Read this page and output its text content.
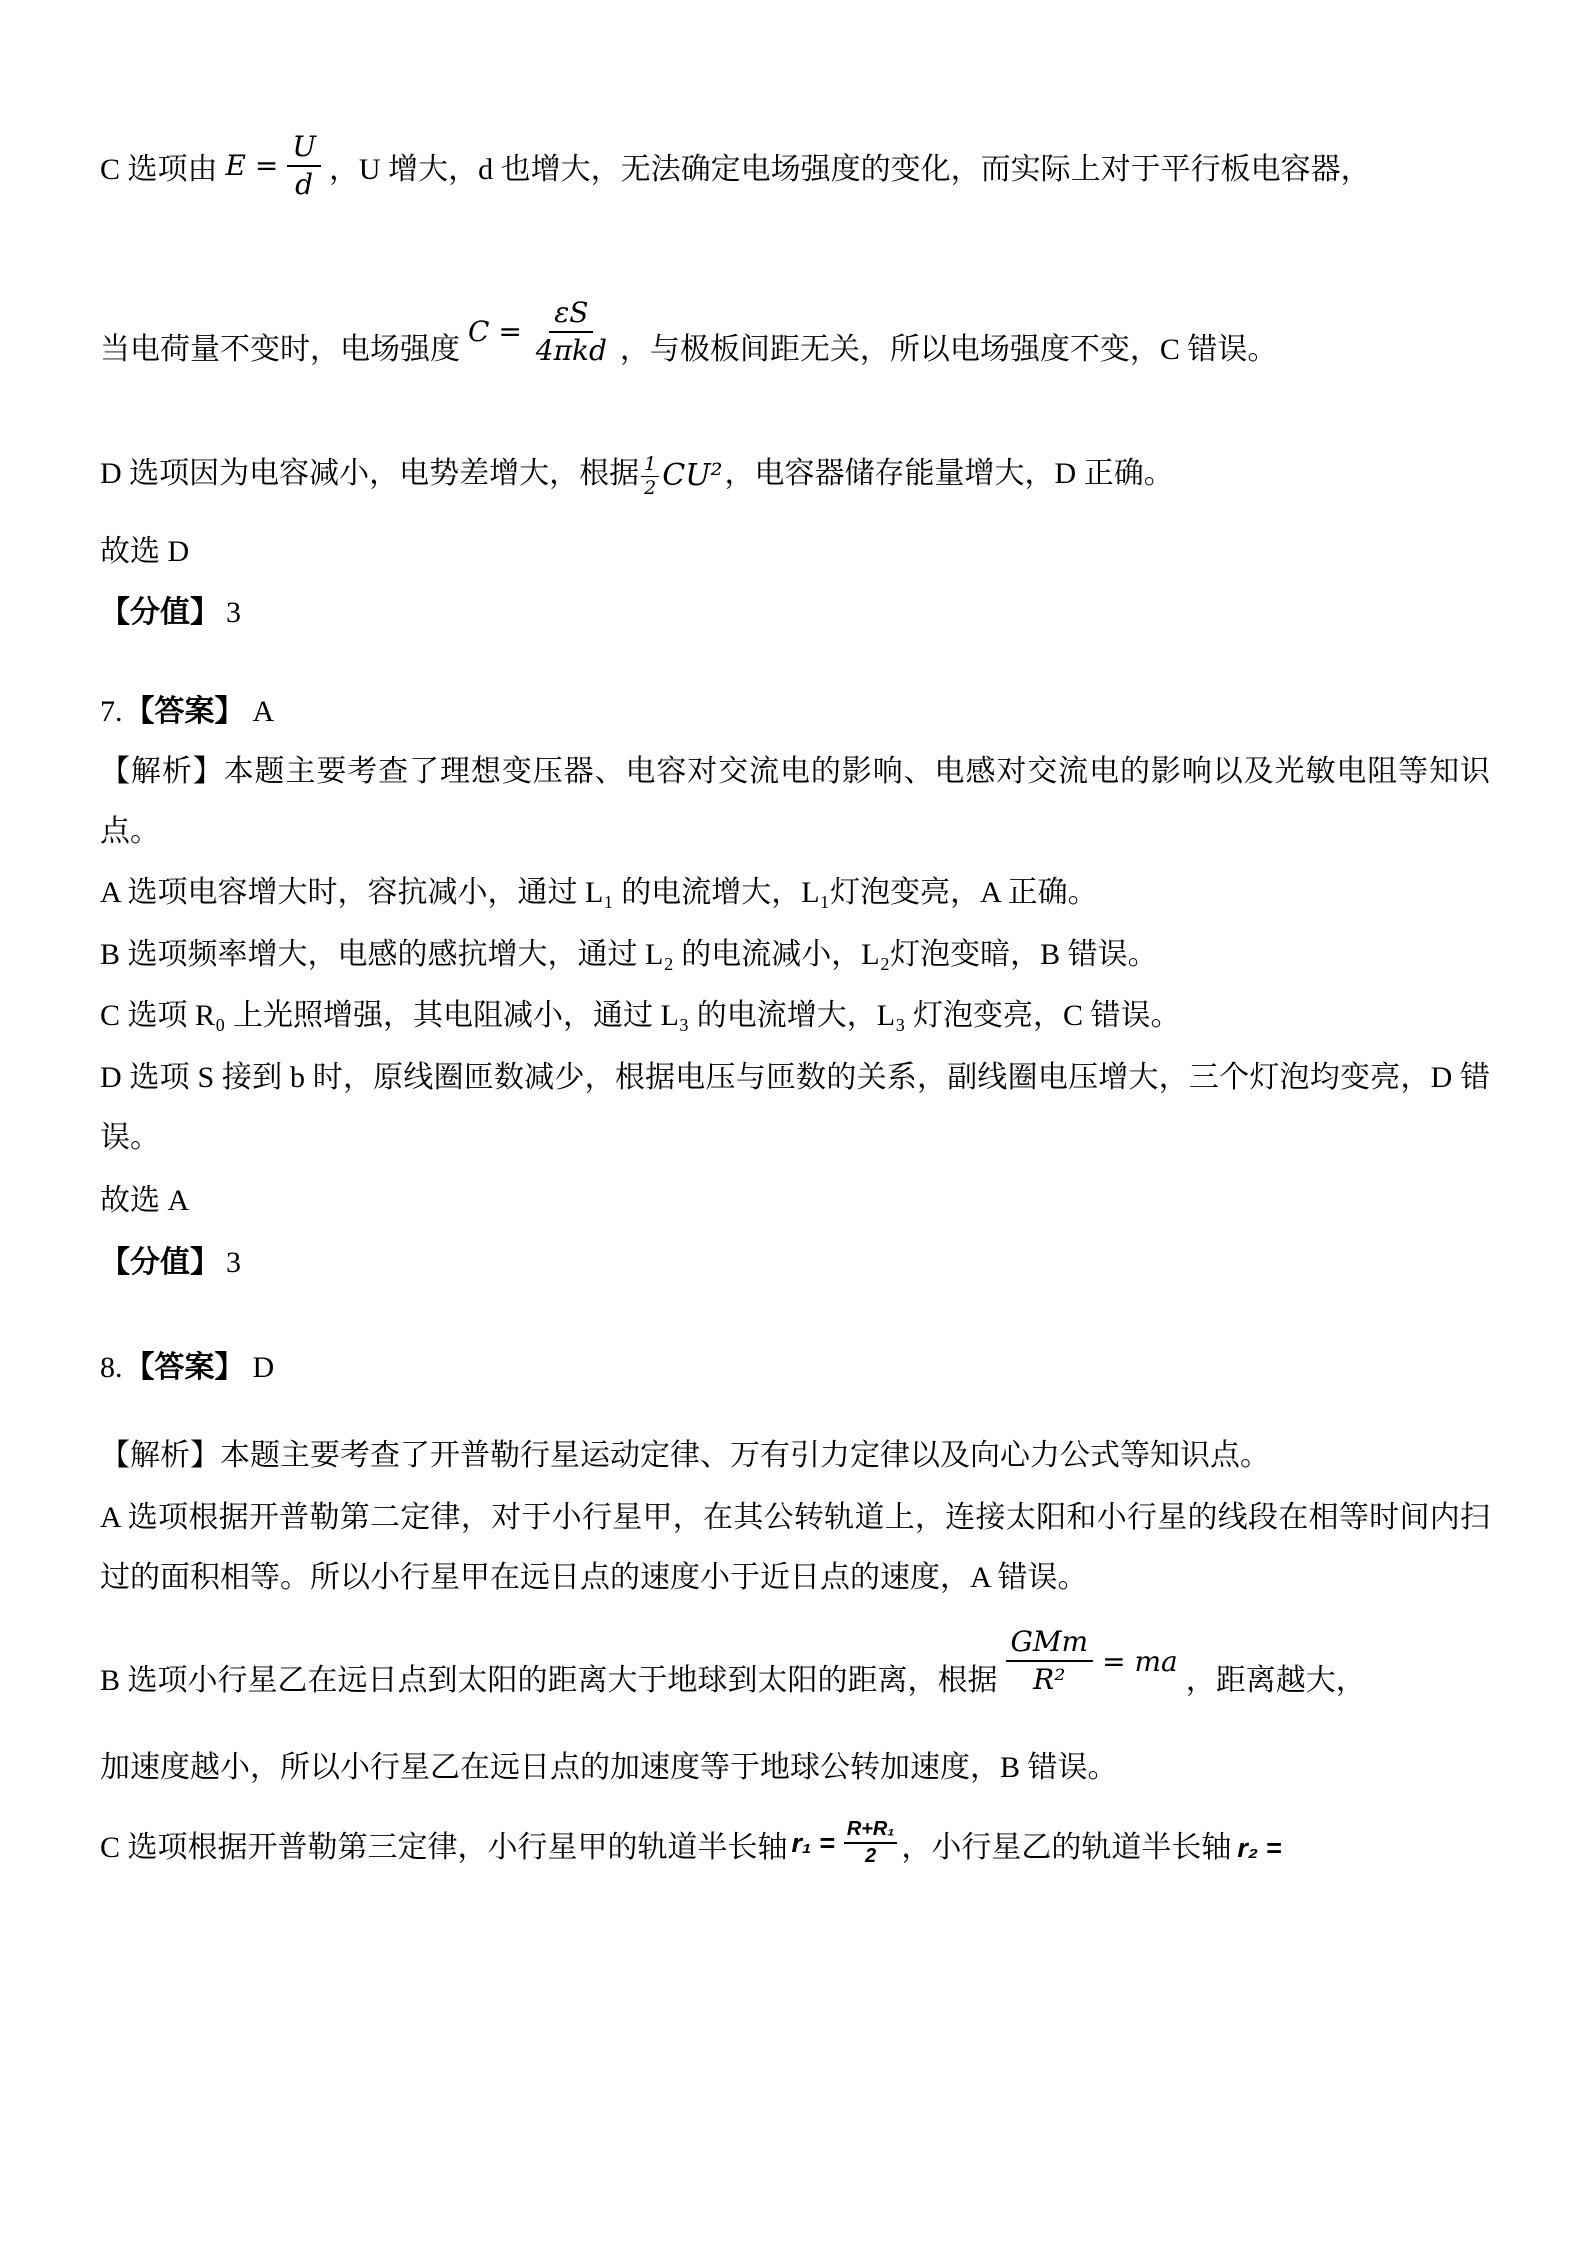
C 选项由 $E = \frac{U}{d}$ ，U 增大，d 也增大，无法确定电场强度的变化，而实际上对于平行板电容器，

当电荷量不变时，电场强度
$C = \frac{\varepsilon S}{\text{4πkd}}$ ，与极板间距无关，所以电场强度不变，C 错误。

D 选项因为电容减小，电势差增大，根据 $\frac{1}{2} CU^2$ ，电容器储存能量增大，D 正确。

故选 D

【分值】 3

7.【答案】 A

【解析】本题主要考查了理想变压器、电容对交流电的影响、电感对交流电的影响以及光敏电阻等知识点。

A 选项电容增大时，容抗减小，通过 L₁ 的电流增大，L₁灯泡变亮，A 正确。

B 选项频率增大，电感的感抗增大，通过 L₂ 的电流减小，L₂灯泡变暗，B 错误。

C 选项 R₀ 上光照增强，其电阻减小，通过 L₃ 的电流增大，L₃ 灯泡变亮，C 错误。

D 选项 S 接到 b 时，原线圈匝数减少，根据电压与匝数的关系，副线圈电压增大，三个灯泡均变亮，D 错误。

故选 A

【分值】 3

8.【答案】 D

【解析】本题主要考查了开普勒行星运动定律、万有引力定律以及向心力公式等知识点。

A 选项根据开普勒第二定律，对于小行星甲，在其公转轨道上，连接太阳和小行星的线段在相等时间内扫过的面积相等。所以小行星甲在远日点的速度小于近日点的速度，A 错误。

B 选项小行星乙在远日点到太阳的距离大于地球到太阳的距离，根据 $\frac{\text{GMm}}{\text{R²}}$ = ma
，距离越大，

加速度越小，所以小行星乙在远日点的加速度等于地球公转加速度，B 错误。

C 选项根据开普勒第三定律，小行星甲的轨道半长轴 $r_1 = \frac{\text{R+R₁}}{2}$ ，小行星乙的轨道半长轴 r₂ =
